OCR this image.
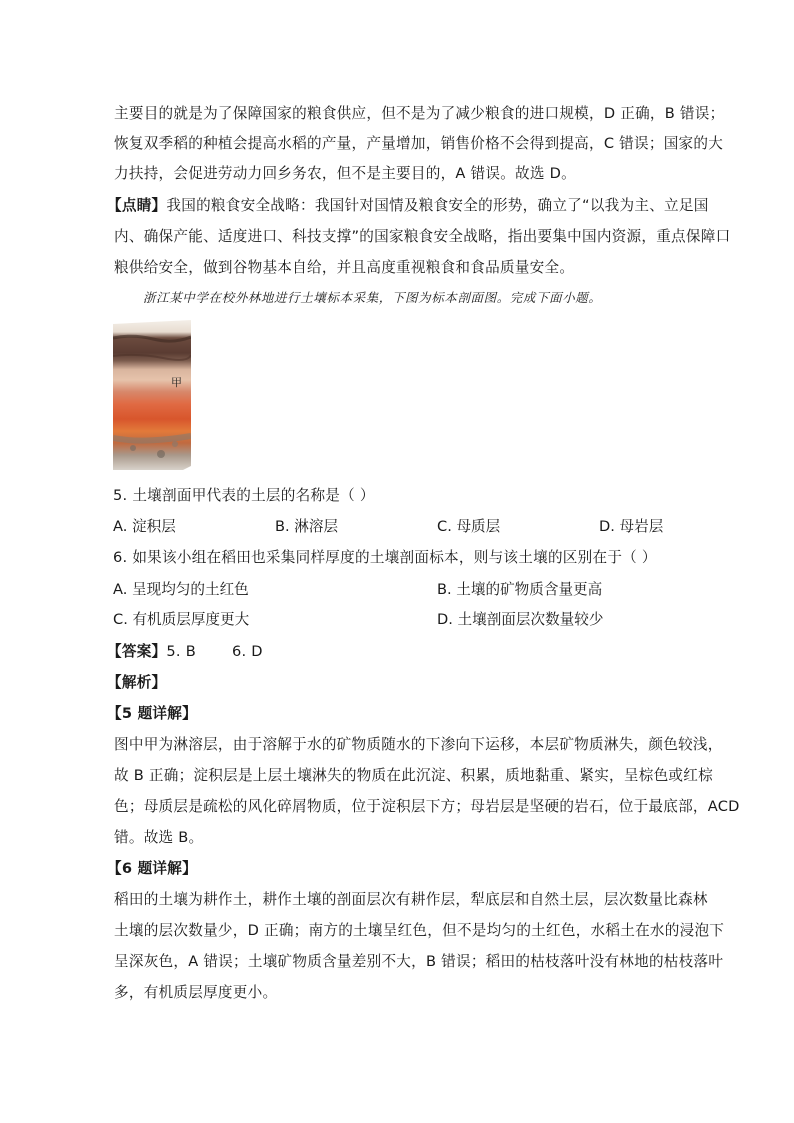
主要目的就是为了保障国家的粮食供应，但不是为了减少粮食的进口规模，D 正确，B 错误；
恢复双季稻的种植会提高水稻的产量，产量增加，销售价格不会得到提高，C 错误；国家的大
力扶持，会促进劳动力回乡务农，但不是主要目的，A 错误。故选 D。
【点睛】我国的粮食安全战略：我国针对国情及粮食安全的形势，确立了“以我为主、立足国
内、确保产能、适度进口、科技支撑”的国家粮食安全战略，指出要集中国内资源，重点保障口
粮供给安全，做到谷物基本自给，并且高度重视粮食和食品质量安全。
浙江某中学在校外林地进行土壤标本采集，下图为标本剖面图。完成下面小题。
甲
5. 土壤剖面甲代表的土层的名称是（ ）
A. 淀积层	B. 淋溶层	C. 母质层	D. 母岩层
6. 如果该小组在稻田也采集同样厚度的土壤剖面标本，则与该土壤的区别在于（ ）
A. 呈现均匀的土红色	B. 土壤的矿物质含量更高
C. 有机质层厚度更大	D. 土壤剖面层次数量较少
【答案】5. B 6. D
【解析】
【5 题详解】
图中甲为淋溶层，由于溶解于水的矿物质随水的下渗向下运移，本层矿物质淋失，颜色较浅，
故 B 正确；淀积层是上层土壤淋失的物质在此沉淀、积累，质地黏重、紧实，呈棕色或红棕
色；母质层是疏松的风化碎屑物质，位于淀积层下方；母岩层是坚硬的岩石，位于最底部，ACD
错。故选 B。
【6 题详解】
稻田的土壤为耕作土，耕作土壤的剖面层次有耕作层，犁底层和自然土层，层次数量比森林
土壤的层次数量少，D 正确；南方的土壤呈红色，但不是均匀的土红色，水稻土在水的浸泡下
呈深灰色，A 错误；土壤矿物质含量差别不大，B 错误；稻田的枯枝落叶没有林地的枯枝落叶
多，有机质层厚度更小。
